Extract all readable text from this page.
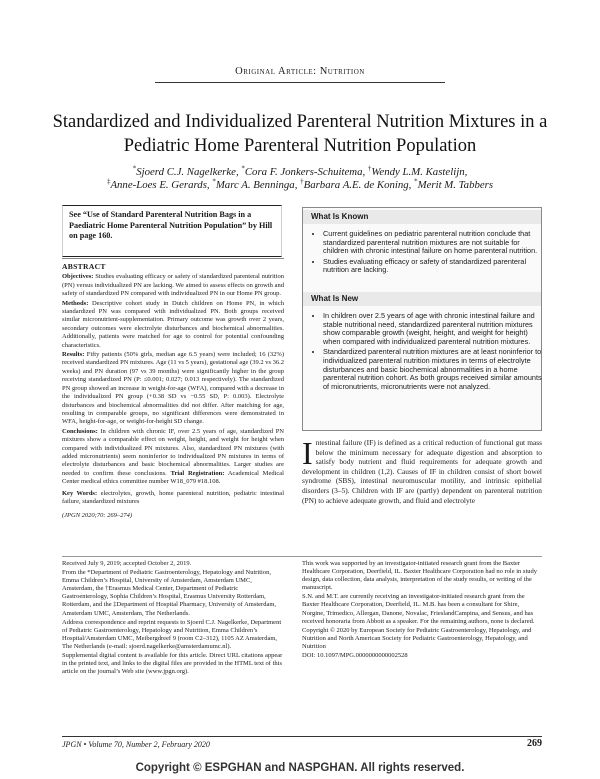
Original Article: Nutrition
Standardized and Individualized Parenteral Nutrition Mixtures in a Pediatric Home Parenteral Nutrition Population
*Sjoerd C.J. Nagelkerke, *Cora F. Jonkers-Schuitema, †Wendy L.M. Kastelijn,
‡Anne-Loes E. Gerards, *Marc A. Benninga, †Barbara A.E. de Koning, *Merit M. Tabbers
See “Use of Standard Parenteral Nutrition Bags in a Paediatric Home Parenteral Nutrition Population” by Hill on page 160.
ABSTRACT

Objectives: Studies evaluating efficacy or safety of standardized parenteral nutrition (PN) versus individualized PN are lacking. We aimed to assess effects on growth and safety of standardized PN compared with individualized PN in our Home PN group.

Methods: Descriptive cohort study in Dutch children on Home PN, in which standardized PN was compared with individualized PN. Both groups received similar micronutrient-supplementation. Primary outcome was growth over 2 years, secondary outcomes were electrolyte disturbances and biochemical abnormalities. Additionally, patients were matched for age to control for potential confounding characteristics.

Results: Fifty patients (50% girls, median age 6.5 years) were included; 16 (32%) received standardized PN mixtures. Age (11 vs 5 years), gestational age (39.2 vs 36.2 weeks) and PN duration (97 vs 39 months) were significantly higher in the group receiving standardized PN (P: ≤0.001; 0.027; 0.013 respectively). The standardized PN group showed an increase in weight-for-age (WFA), compared with a decrease in the individualized PN group (+0.38 SD vs −0.55 SD, P: 0.003). Electrolyte disturbances and biochemical abnormalities did not differ. After matching for age, resulting in comparable groups, no significant differences were demonstrated in WFA, height-for-age, or weight-for-height SD change.

Conclusions: In children with chronic IF, over 2.5 years of age, standardized PN mixtures show a comparable effect on weight, height, and weight for height when compared with individualized PN mixtures. Also, standardized PN mixtures (with added micronutrients) seem noninferior to individualized PN mixtures in terms of electrolyte disturbances and basic biochemical abnormalities. Larger studies are needed to confirm these conclusions. Trial Registration: Academical Medical Center medical ethics committee number W18_079 #18.108.

Key Words: electrolytes, growth, home parenteral nutrition, pediatric intestinal failure, standardized mixtures

(JPGN 2020;70: 269–274)

What Is Known
• Current guidelines on pediatric parenteral nutrition conclude that standardized parenteral nutrition mixtures are not suitable for children with chronic intestinal failure on home parenteral nutrition.
• Studies evaluating efficacy or safety of standardized parenteral nutrition are lacking.
What Is New
• In children over 2.5 years of age with chronic intestinal failure and stable nutritional need, standardized parenteral nutrition mixtures show comparable growth (weight, height, and weight for height) when compared with individualized parenteral nutrition mixtures.
• Standardized parenteral nutrition mixtures are at least noninferior to individualized parenteral nutrition mixtures in terms of electrolyte disturbances and basic biochemical abnormalities in a home parenteral nutrition cohort. As both groups received similar amounts of micronutrients, micronutrients were not analyzed.
Intestinal failure (IF) is defined as a critical reduction of functional gut mass below the minimum necessary for adequate digestion and absorption to satisfy body nutrient and fluid requirements for adequate growth and development in children (1,2). Causes of IF in children consist of short bowel syndrome (SBS), intestinal neuromuscular motility, and intrinsic epithelial disorders (3–5). Children with IF are (partly) dependent on parenteral nutrition (PN) to achieve adequate growth, and fluid and electrolyte

Received July 9, 2019; accepted October 2, 2019.

From the *Department of Pediatric Gastroenterology, Hepatology and Nutrition, Emma Children’s Hospital, University of Amsterdam, Amsterdam UMC, Amsterdam, the †Erasmus Medical Center, Department of Pediatric Gastroenterology, Sophia Children’s Hospital, Erasmus University Rotterdam, Rotterdam, and the ‡Department of Hospital Pharmacy, University of Amsterdam, Amsterdam UMC, Amsterdam, The Netherlands.

Address correspondence and reprint requests to Sjoerd C.J. Nagelkerke, Department of Pediatric Gastroenterology, Hepatology and Nutrition, Emma Children’s Hospital/Amsterdam UMC, Meibergdreef 9 (room C2–312), 1105 AZ Amsterdam, The Netherlands (e-mail: sjoerd.nagelkerke@amsterdamumc.nl).

Supplemental digital content is available for this article. Direct URL citations appear in the printed text, and links to the digital files are provided in the HTML text of this article on the journal’s Web site (www.jpgn.org).

This work was supported by an investigator-initiated research grant from the Baxter Healthcare Corporation, Deerfield, IL. Baxter Healthcare Corporation had no role in study design, data collection, data analysis, interpretation of the study results, or writing of the manuscript.

S.N. and M.T. are currently receiving an investigator-initiated research grant from the Baxter Healthcare Corporation, Deerfield, IL. M.B. has been a consultant for Shire, Norgine, Trimedico, Allergan, Danone, Novalac, FrieslandCampina, and Sensus, and has received honoraria from Abbott as a speaker. For the remaining authors, none is declared.

Copyright © 2020 by European Society for Pediatric Gastroenterology, Hepatology, and Nutrition and North American Society for Pediatric Gastroenterology, Hepatology, and Nutrition

DOI: 10.1097/MPG.0000000000002528

JPGN • Volume 70, Number 2, February 2020	269
Copyright © ESPGHAN and NASPGHAN. All rights reserved.
